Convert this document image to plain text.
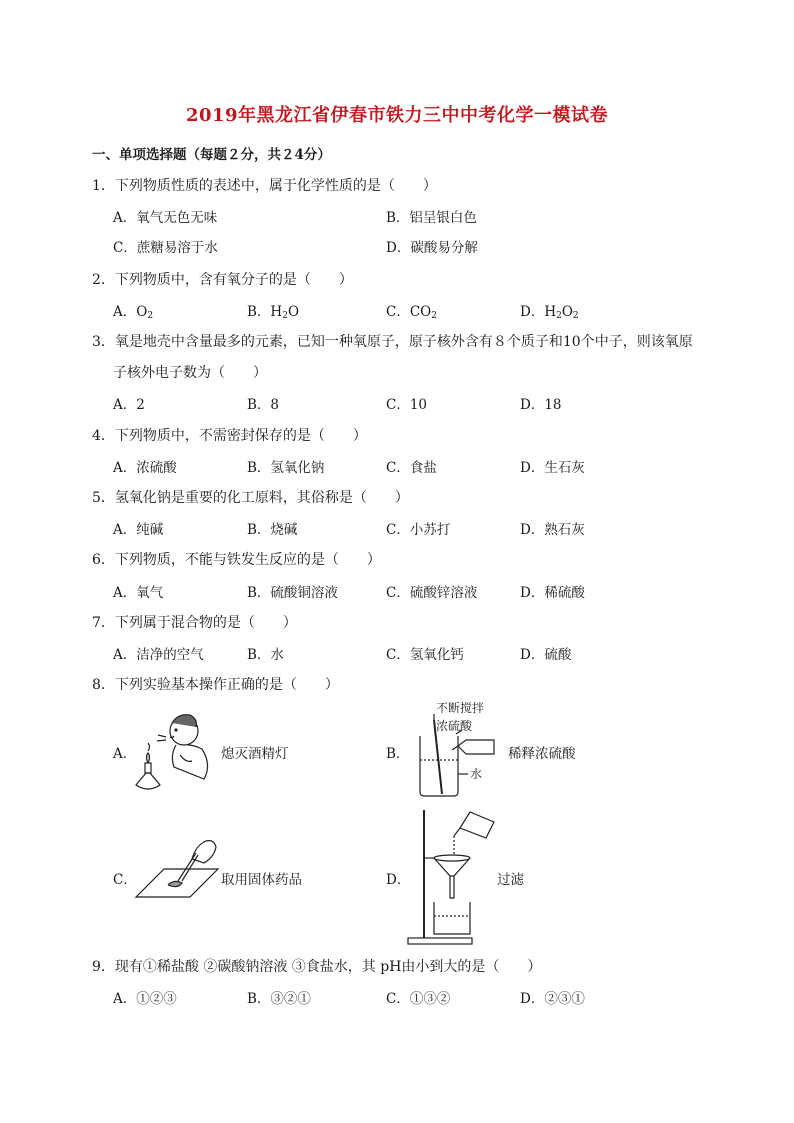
2019年黑龙江省伊春市铁力三中中考化学一模试卷
一、单项选择题（每题２分，共２4分）
1．下列物质性质的表述中，属于化学性质的是（　　）
A．氧气无色无味	B．铝呈银白色
C．蔗糖易溶于水	D．碳酸易分解
2．下列物质中，含有氧分子的是（　　）
A．$O_2$	B．$H_2O$	C．$CO_2$	D．$H_2O_2$
3．氧是地壳中含量最多的元素，已知一种氧原子，原子核外含有８个质子和10个中子，则该氧原
子核外电子数为（　　）
A．2	B．8	C．10	D．18
4．下列物质中，不需密封保存的是（　　）
A．浓硫酸	B．氢氧化钠	C．食盐	D．生石灰
5．氢氧化钠是重要的化工原料，其俗称是（　　）
A．纯碱	B．烧碱	C．小苏打	D．熟石灰
6．下列物质，不能与铁发生反应的是（　　）
A．氧气	B．硫酸铜溶液	C．硫酸锌溶液	D．稀硫酸
7．下列属于混合物的是（　　）
A．洁净的空气	B．水	C．氢氧化钙	D．硫酸
8．下列实验基本操作正确的是（　　）
A．	熄灭酒精灯	B．
不断搅拌
浓硫酸
水
稀释浓硫酸
C．	取用固体药品	D．	过滤
9．现有①稀盐酸 ②碳酸钠溶液 ③食盐水，其 pH由小到大的是（　　）
A．①②③	B．③②①	C．①③②	D．②③①
